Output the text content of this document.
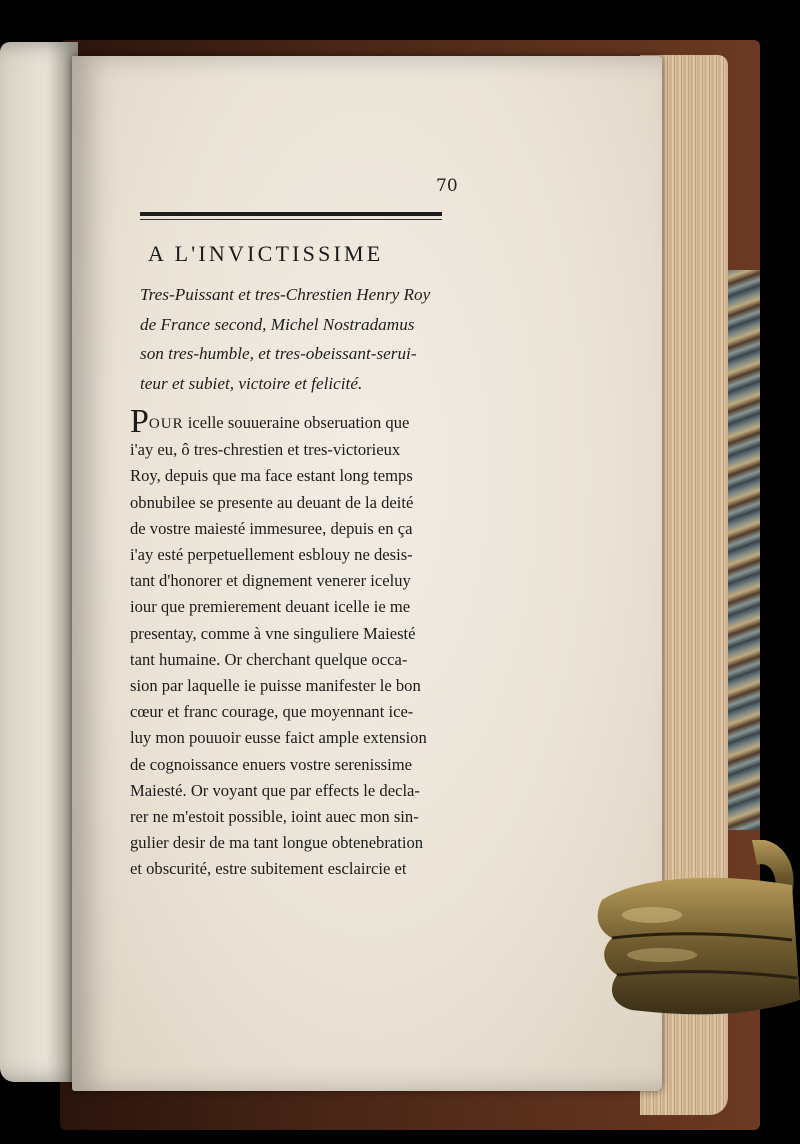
70
A L'INVICTISSIME
Tres-Puissant et tres-Chrestien Henry Roy
de France second, Michel Nostradamus
son tres-humble, et tres-obeissant-serui-
teur et subiet, victoire et felicité.
POUR icelle souueraine obseruation que
i'ay eu, ô tres-chrestien et tres-victorieux
Roy, depuis que ma face estant long temps
obnubilee se presente au deuant de la deité
de vostre maiesté immesuree, depuis en ça
i'ay esté perpetuellement esblouy ne desis-
tant d'honorer et dignement venerer iceluy
iour que premierement deuant icelle ie me
presentay, comme à vne singuliere Maiesté
tant humaine. Or cherchant quelque occa-
sion par laquelle ie puisse manifester le bon
cœur et franc courage, que moyennant ice-
luy mon pouuoir eusse faict ample extension
de cognoissance enuers vostre serenissime
Maiesté. Or voyant que par effects le decla-
rer ne m'estoit possible, ioint auec mon sin-
gulier desir de ma tant longue obtenebration
et obscurité, estre subitement esclaircie et
